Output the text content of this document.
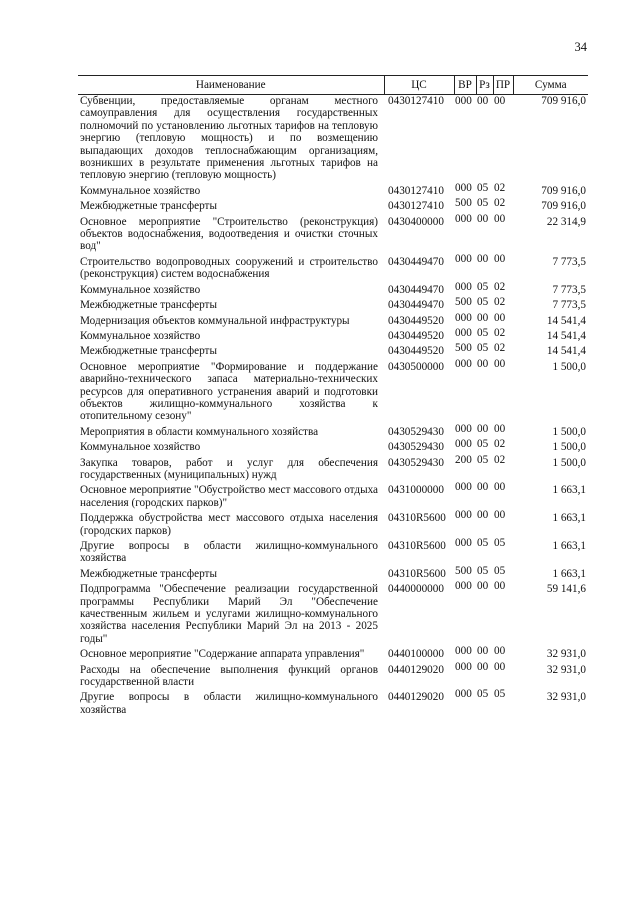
34
Наименование	ЦС	ВР	Рз	ПР	Сумма
Субвенции, предоставляемые органам местного самоуправления для осуществления государственных полномочий по установлению льготных тарифов на тепловую энергию (тепловую мощность) и по возмещению выпадающих доходов теплоснабжающим организациям, возникших в результате применения льготных тарифов на тепловую энергию (тепловую мощность)	0430127410	000	00	00	709 916,0
Коммунальное хозяйство	0430127410	000	05	02	709 916,0
Межбюджетные трансферты	0430127410	500	05	02	709 916,0
Основное мероприятие "Строительство (реконструкция) объектов водоснабжения, водоотведения и очистки сточных вод"	0430400000	000	00	00	22 314,9
Строительство водопроводных сооружений и строительство (реконструкция) систем водоснабжения	0430449470	000	00	00	7 773,5
Коммунальное хозяйство	0430449470	000	05	02	7 773,5
Межбюджетные трансферты	0430449470	500	05	02	7 773,5
Модернизация объектов коммунальной инфраструктуры	0430449520	000	00	00	14 541,4
Коммунальное хозяйство	0430449520	000	05	02	14 541,4
Межбюджетные трансферты	0430449520	500	05	02	14 541,4
Основное мероприятие "Формирование и поддержание аварийно-технического запаса материально-технических ресурсов для оперативного устранения аварий и подготовки объектов жилищно-коммунального хозяйства к отопительному сезону"	0430500000	000	00	00	1 500,0
Мероприятия в области коммунального хозяйства	0430529430	000	00	00	1 500,0
Коммунальное хозяйство	0430529430	000	05	02	1 500,0
Закупка товаров, работ и услуг для обеспечения государственных (муниципальных) нужд	0430529430	200	05	02	1 500,0
Основное мероприятие "Обустройство мест массового отдыха населения (городских парков)"	0431000000	000	00	00	1 663,1
Поддержка обустройства мест массового отдыха населения (городских парков)	04310R5600	000	00	00	1 663,1
Другие вопросы в области жилищно-коммунального хозяйства	04310R5600	000	05	05	1 663,1
Межбюджетные трансферты	04310R5600	500	05	05	1 663,1
Подпрограмма "Обеспечение реализации государственной программы Республики Марий Эл "Обеспечение качественным жильем и услугами жилищно-коммунального хозяйства населения Республики Марий Эл на 2013 - 2025 годы"	0440000000	000	00	00	59 141,6
Основное мероприятие "Содержание аппарата управления"	0440100000	000	00	00	32 931,0
Расходы на обеспечение выполнения функций органов государственной власти	0440129020	000	00	00	32 931,0
Другие вопросы в области жилищно-коммунального хозяйства	0440129020	000	05	05	32 931,0
